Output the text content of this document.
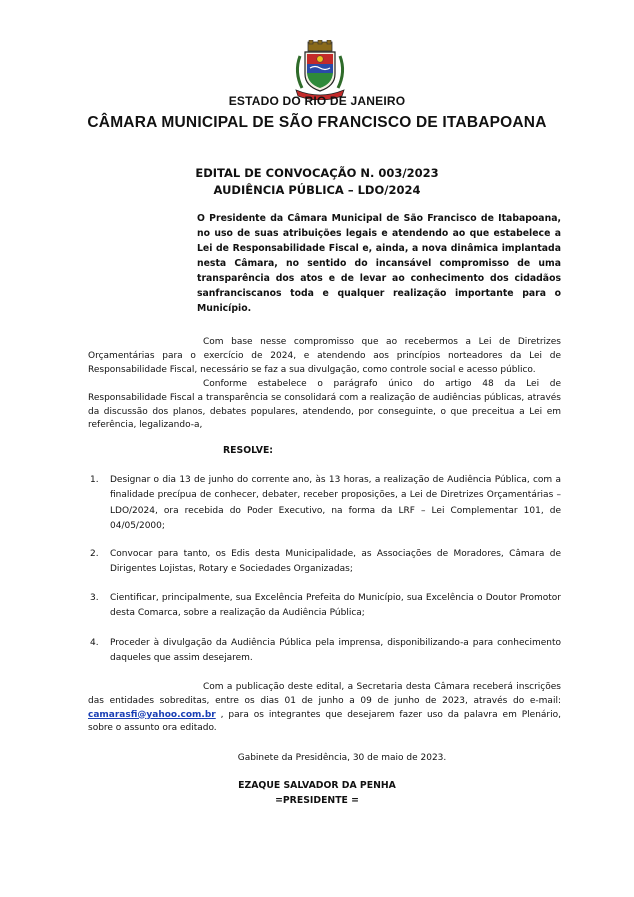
ESTADO DO RIO DE JANEIRO
CÂMARA MUNICIPAL DE SÃO FRANCISCO DE ITABAPOANA
EDITAL DE CONVOCAÇÃO N. 003/2023
AUDIÊNCIA PÚBLICA – LDO/2024
O Presidente da Câmara Municipal de São Francisco de Itabapoana, no uso de suas atribuições legais e atendendo ao que estabelece a Lei de Responsabilidade Fiscal e, ainda, a nova dinâmica implantada nesta Câmara, no sentido do incansável compromisso de uma transparência dos atos e de levar ao conhecimento dos cidadãos sanfranciscanos toda e qualquer realização importante para o Município.
Com base nesse compromisso que ao recebermos a Lei de Diretrizes Orçamentárias para o exercício de 2024, e atendendo aos princípios norteadores da Lei de Responsabilidade Fiscal, necessário se faz a sua divulgação, como controle social e acesso público.
Conforme estabelece o parágrafo único do artigo 48 da Lei de Responsabilidade Fiscal a transparência se consolidará com a realização de audiências públicas, através da discussão dos planos, debates populares, atendendo, por conseguinte, o que preceitua a Lei em referência, legalizando-a,
RESOLVE:
1. Designar o dia 13 de junho do corrente ano, às 13 horas, a realização de Audiência Pública, com a finalidade precípua de conhecer, debater, receber proposições, a Lei de Diretrizes Orçamentárias – LDO/2024, ora recebida do Poder Executivo, na forma da LRF – Lei Complementar 101, de 04/05/2000;
2. Convocar para tanto, os Edis desta Municipalidade, as Associações de Moradores, Câmara de Dirigentes Lojistas, Rotary e Sociedades Organizadas;
3. Cientificar, principalmente, sua Excelência Prefeita do Município, sua Excelência o Doutor Promotor desta Comarca, sobre a realização da Audiência Pública;
4. Proceder à divulgação da Audiência Pública pela imprensa, disponibilizando-a para conhecimento daqueles que assim desejarem.
Com a publicação deste edital, a Secretaria desta Câmara receberá inscrições das entidades sobreditas, entre os dias 01 de junho a 09 de junho de 2023, através do e-mail: camarasfi@yahoo.com.br , para os integrantes que desejarem fazer uso da palavra em Plenário, sobre o assunto ora editado.
Gabinete da Presidência, 30 de maio de 2023.
EZAQUE SALVADOR DA PENHA
=PRESIDENTE =
